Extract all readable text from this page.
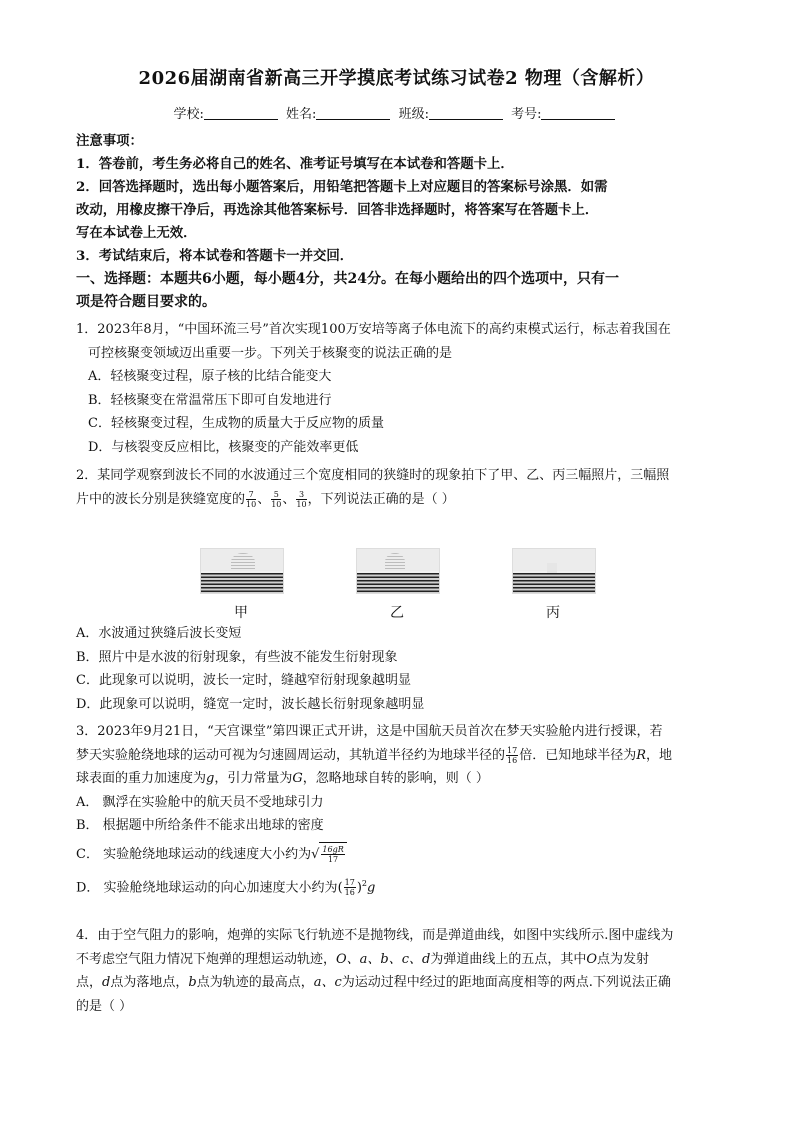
2026届湖南省新高三开学摸底考试练习试卷2 物理（含解析）
学校:	姓名:	班级:	考号:

注意事项：

1．答卷前，考生务必将自己的姓名、准考证号填写在本试卷和答题卡上．

2．回答选择题时，选出每小题答案后，用铅笔把答题卡上对应题目的答案标号涂黑．如需

改动，用橡皮擦干净后，再选涂其他答案标号．回答非选择题时，将答案写在答题卡上．

写在本试卷上无效．

3．考试结束后，将本试卷和答题卡一并交回．

一、选择题：本题共6小题，每小题4分，共24分。在每小题给出的四个选项中，只有一

项是符合题目要求的。

1．2023年8月，“中国环流三号”首次实现100万安培等离子体电流下的高约束模式运行，标志着我国在

可控核聚变领域迈出重要一步。下列关于核聚变的说法正确的是

A．轻核聚变过程，原子核的比结合能变大

B．轻核聚变在常温常压下即可自发地进行

C．轻核聚变过程，生成物的质量大于反应物的质量

D．与核裂变反应相比，核聚变的产能效率更低

2．某同学观察到波长不同的水波通过三个宽度相同的狭缝时的现象拍下了甲、乙、丙三幅照片，三幅照

片中的波长分别是狭缝宽度的 $\frac{7}{10}$ 、 $\frac{5}{10}$ 、 $\frac{3}{10}$ ，下列说法正确的是（ ）

甲	乙	丙

A．水波通过狭缝后波长变短

B．照片中是水波的衍射现象，有些波不能发生衍射现象

C．此现象可以说明，波长一定时，缝越窄衍射现象越明显

D．此现象可以说明，缝宽一定时，波长越长衍射现象越明显

3．2023年9月21日，“天宫课堂”第四课正式开讲，这是中国航天员首次在梦天实验舱内进行授课，若

梦天实验舱绕地球的运动可视为匀速圆周运动，其轨道半径约为地球半径的 $\frac{17}{16}$ 倍．已知地球半径为R，地

球表面的重力加速度为g，引力常量为G，忽略地球自转的影响，则（ ）

A． 飘浮在实验舱中的航天员不受地球引力

B． 根据题中所给条件不能求出地球的密度

C． 实验舱绕地球运动的线速度大小约为√ $\frac{16gR}{17}$

D． 实验舱绕地球运动的向心加速度大小约为( $\frac{17}{16} )^2g$

4．由于空气阻力的影响，炮弹的实际飞行轨迹不是抛物线，而是弹道曲线，如图中实线所示.图中虚线为

不考虑空气阻力情况下炮弹的理想运动轨迹，O、a、b、c、d为弹道曲线上的五点，其中O点为发射

点，d点为落地点，b点为轨迹的最高点，a、c为运动过程中经过的距地面高度相等的两点.下列说法正确

的是（ ）
